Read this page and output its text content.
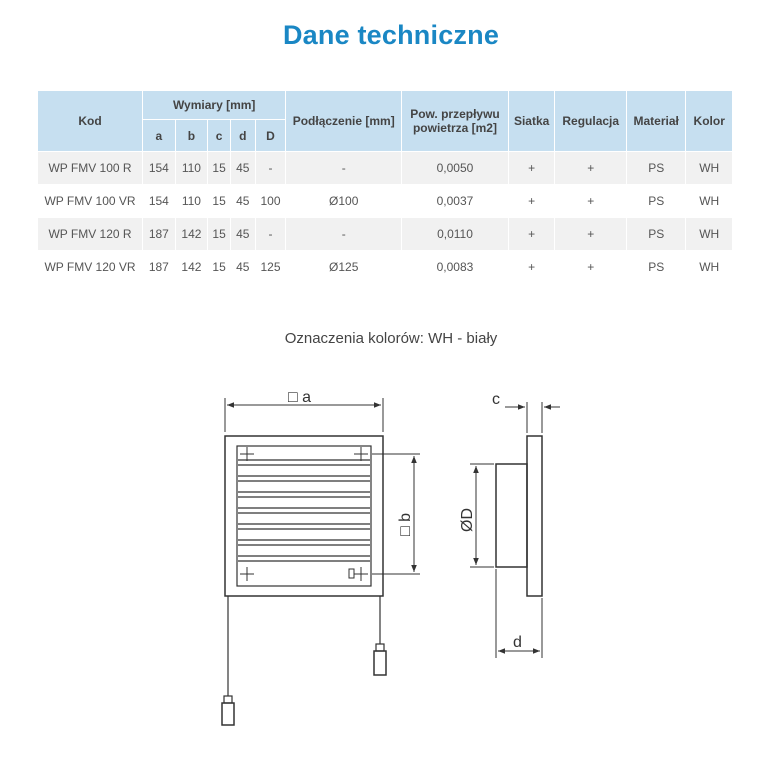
Dane techniczne
Kod	Wymiary [mm]					Podłączenie [mm]	Pow. przepływu powietrza [m2]	Siatka	Regulacja	Materiał	Kolor
	a	b	c	d	D						
WP FMV 100 R	154	110	15	45	-	-	0,0050	+	+	PS	WH
WP FMV 100 VR	154	110	15	45	100	Ø100	0,0037	+	+	PS	WH
WP FMV 120 R	187	142	15	45	-	-	0,0110	+	+	PS	WH
WP FMV 120 VR	187	142	15	45	125	Ø125	0,0083	+	+	PS	WH
Oznaczenia kolorów: WH - biały
□ a
□ b
c
ØD
d
